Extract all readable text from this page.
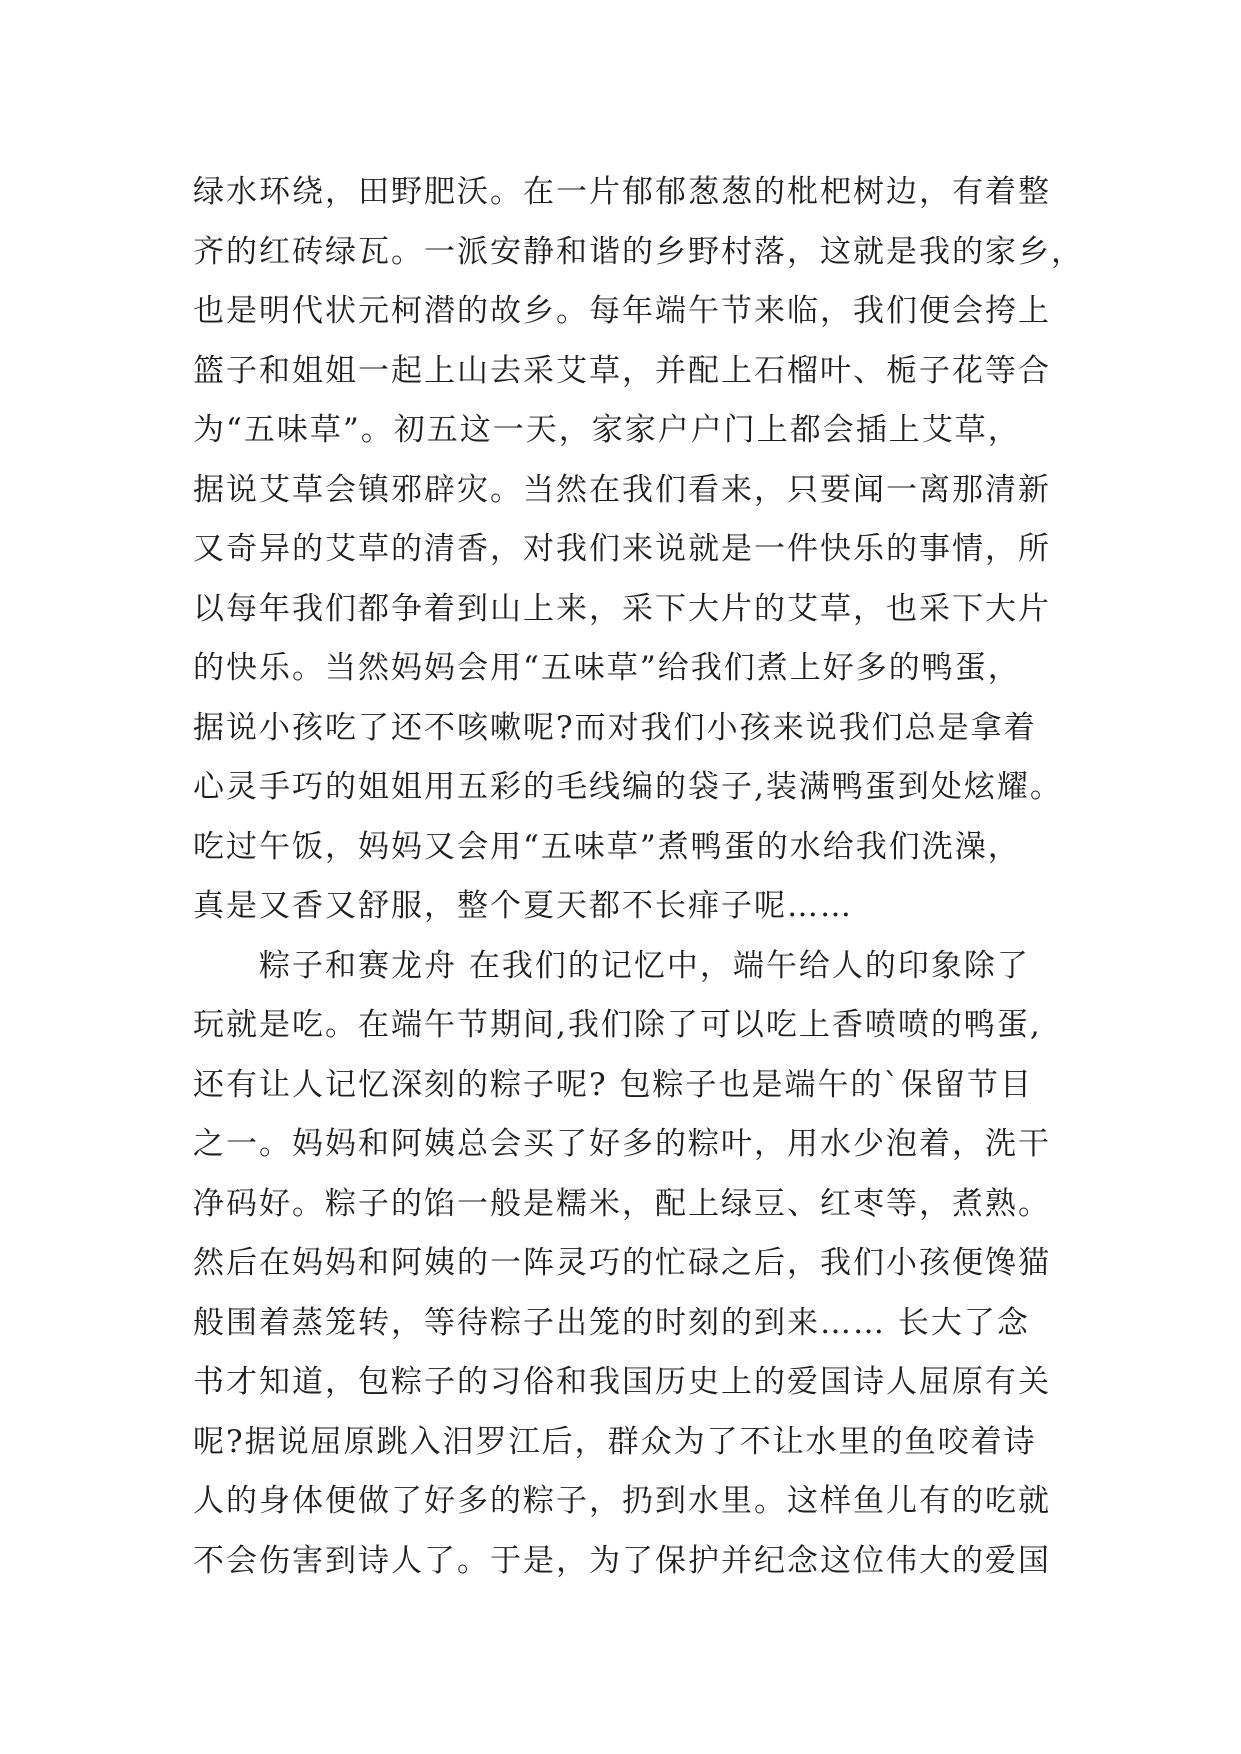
绿水环绕，田野肥沃。在一片郁郁葱葱的枇杷树边，有着整
齐的红砖绿瓦。一派安静和谐的乡野村落，这就是我的家乡，
也是明代状元柯潜的故乡。每年端午节来临，我们便会挎上
篮子和姐姐一起上山去采艾草，并配上石榴叶、栀子花等合
为“五味草”。初五这一天，家家户户门上都会插上艾草，
据说艾草会镇邪辟灾。当然在我们看来，只要闻一离那清新
又奇异的艾草的清香，对我们来说就是一件快乐的事情，所
以每年我们都争着到山上来，采下大片的艾草，也采下大片
的快乐。当然妈妈会用“五味草”给我们煮上好多的鸭蛋，
据说小孩吃了还不咳嗽呢?而对我们小孩来说我们总是拿着
心灵手巧的姐姐用五彩的毛线编的袋子,装满鸭蛋到处炫耀。
吃过午饭，妈妈又会用“五味草”煮鸭蛋的水给我们洗澡，
真是又香又舒服，整个夏天都不长痱子呢……
　　粽子和赛龙舟 在我们的记忆中，端午给人的印象除了
玩就是吃。在端午节期间,我们除了可以吃上香喷喷的鸭蛋,
还有让人记忆深刻的粽子呢? 包粽子也是端午的`保留节目
之一。妈妈和阿姨总会买了好多的粽叶，用水少泡着，洗干
净码好。粽子的馅一般是糯米，配上绿豆、红枣等，煮熟。
然后在妈妈和阿姨的一阵灵巧的忙碌之后，我们小孩便馋猫
般围着蒸笼转，等待粽子出笼的时刻的到来…… 长大了念
书才知道，包粽子的习俗和我国历史上的爱国诗人屈原有关
呢?据说屈原跳入汨罗江后，群众为了不让水里的鱼咬着诗
人的身体便做了好多的粽子，扔到水里。这样鱼儿有的吃就
不会伤害到诗人了。于是，为了保护并纪念这位伟大的爱国
